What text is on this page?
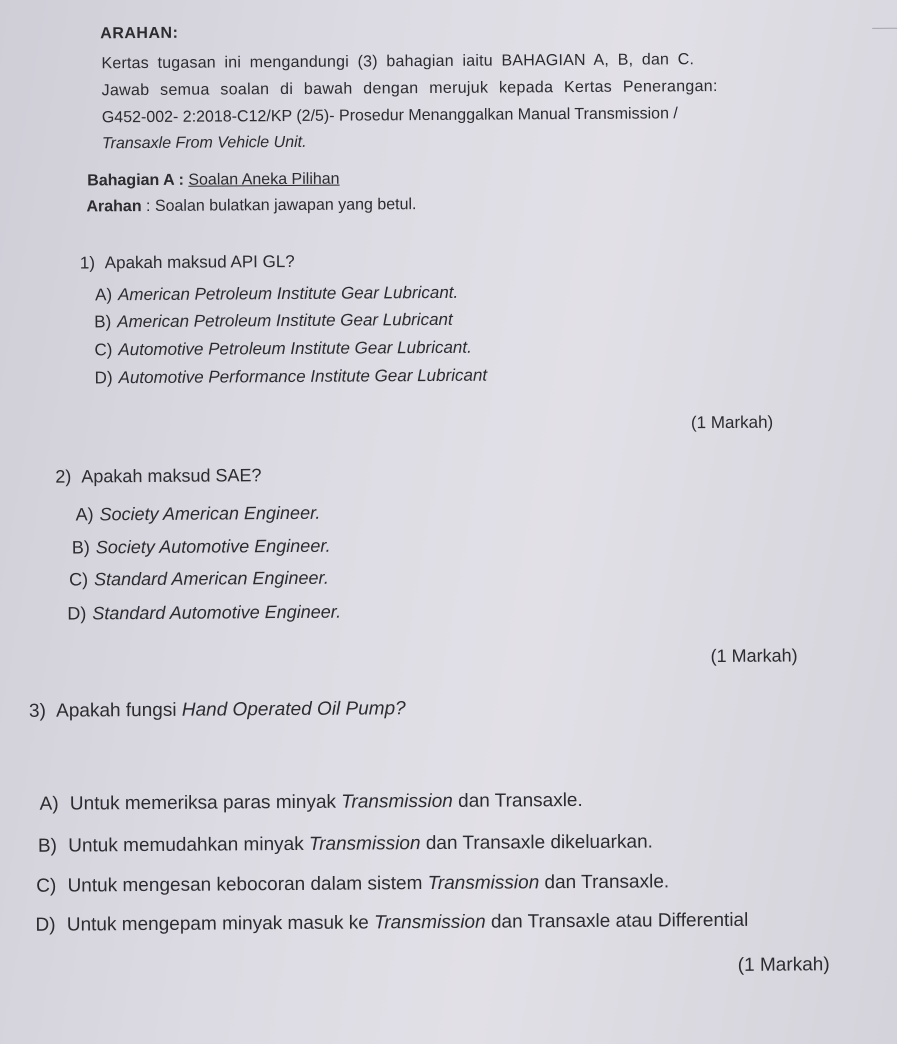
ARAHAN:
Kertas tugasan ini mengandungi (3) bahagian iaitu BAHAGIAN A, B, dan C.
Jawab semua soalan di bawah dengan merujuk kepada Kertas Penerangan:
G452-002- 2:2018-C12/KP (2/5)- Prosedur Menanggalkan Manual Transmission /
Transaxle From Vehicle Unit.
Bahagian A : Soalan Aneka Pilihan
Arahan : Soalan bulatkan jawapan yang betul.
1) Apakah maksud API GL?
A) American Petroleum Institute Gear Lubricant.
B) American Petroleum Institute Gear Lubricant
C) Automotive Petroleum Institute Gear Lubricant.
D) Automotive Performance Institute Gear Lubricant
(1 Markah)
2) Apakah maksud SAE?
A) Society American Engineer.
B) Society Automotive Engineer.
C) Standard American Engineer.
D) Standard Automotive Engineer.
(1 Markah)
3) Apakah fungsi Hand Operated Oil Pump?
A) Untuk memeriksa paras minyak Transmission dan Transaxle.
B) Untuk memudahkan minyak Transmission dan Transaxle dikeluarkan.
C) Untuk mengesan kebocoran dalam sistem Transmission dan Transaxle.
D) Untuk mengepam minyak masuk ke Transmission dan Transaxle atau Differential
(1 Markah)
